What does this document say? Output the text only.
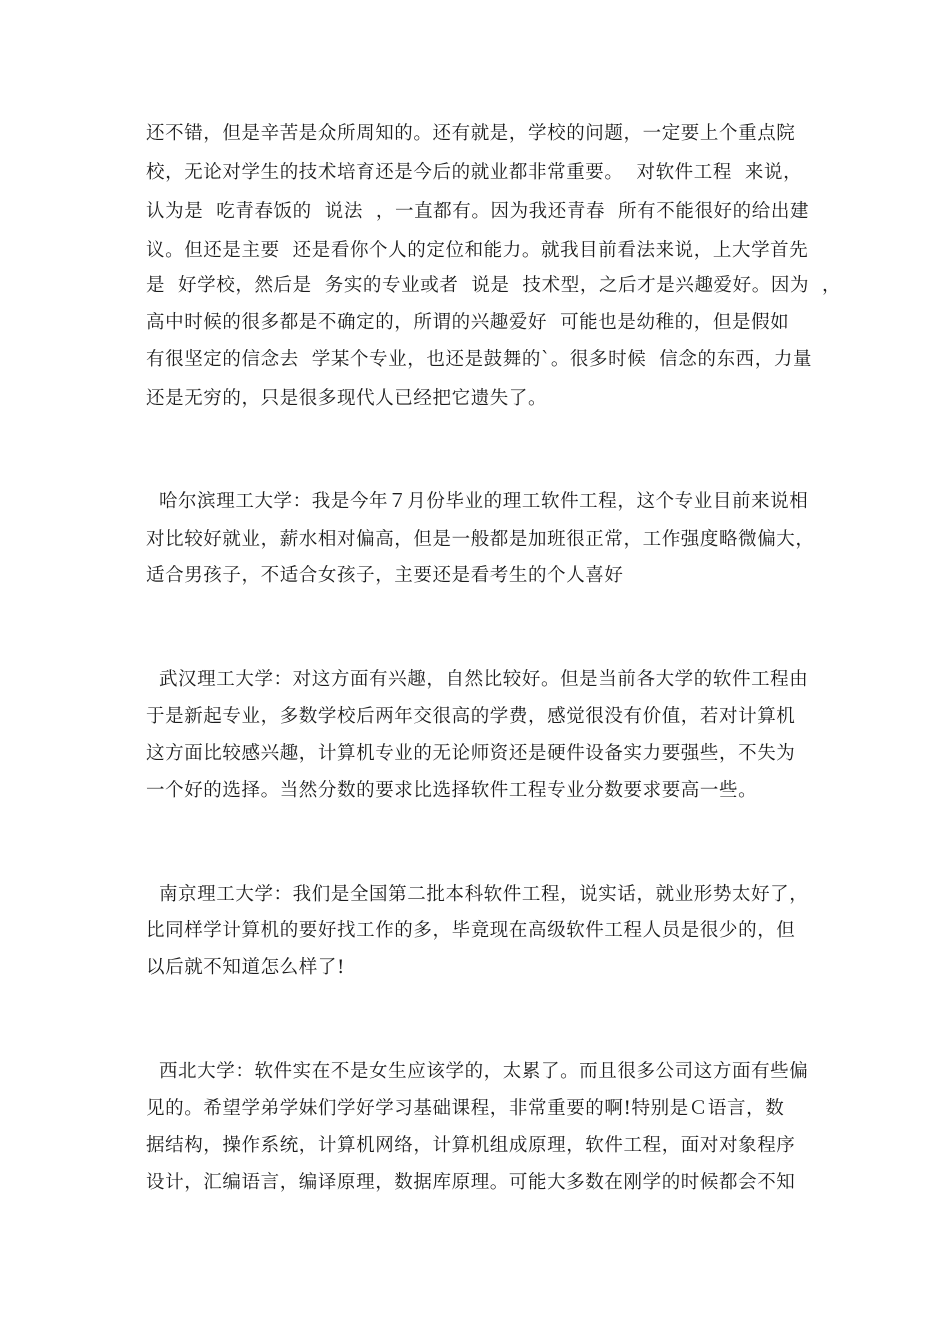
还不错，但是辛苦是众所周知的。还有就是，学校的问题，一定要上个重点院
校，无论对学生的技术培育还是今后的就业都非常重要。  对软件工程  来说，
认为是  吃青春饭的  说法  ，一直都有。因为我还青春  所有不能很好的给出建
议。但还是主要  还是看你个人的定位和能力。就我目前看法来说，上大学首先
是  好学校，然后是  务实的专业或者  说是  技术型，之后才是兴趣爱好。因为  ，
高中时候的很多都是不确定的，所谓的兴趣爱好  可能也是幼稚的，但是假如
有很坚定的信念去  学某个专业，也还是鼓舞的`。很多时候  信念的东西，力量
还是无穷的，只是很多现代人已经把它遗失了。
哈尔滨理工大学：我是今年７月份毕业的理工软件工程，这个专业目前来说相
对比较好就业，薪水相对偏高，但是一般都是加班很正常，工作强度略微偏大，
适合男孩子，不适合女孩子，主要还是看考生的个人喜好
武汉理工大学：对这方面有兴趣，自然比较好。但是当前各大学的软件工程由
于是新起专业，多数学校后两年交很高的学费，感觉很没有价值，若对计算机
这方面比较感兴趣，计算机专业的无论师资还是硬件设备实力要强些，不失为
一个好的选择。当然分数的要求比选择软件工程专业分数要求要高一些。
南京理工大学：我们是全国第二批本科软件工程，说实话，就业形势太好了，
比同样学计算机的要好找工作的多，毕竟现在高级软件工程人员是很少的，但
以后就不知道怎么样了!
西北大学：软件实在不是女生应该学的，太累了。而且很多公司这方面有些偏
见的。希望学弟学妹们学好学习基础课程，非常重要的啊!特别是Ｃ语言，数
据结构，操作系统，计算机网络，计算机组成原理，软件工程，面对对象程序
设计，汇编语言，编译原理，数据库原理。可能大多数在刚学的时候都会不知
